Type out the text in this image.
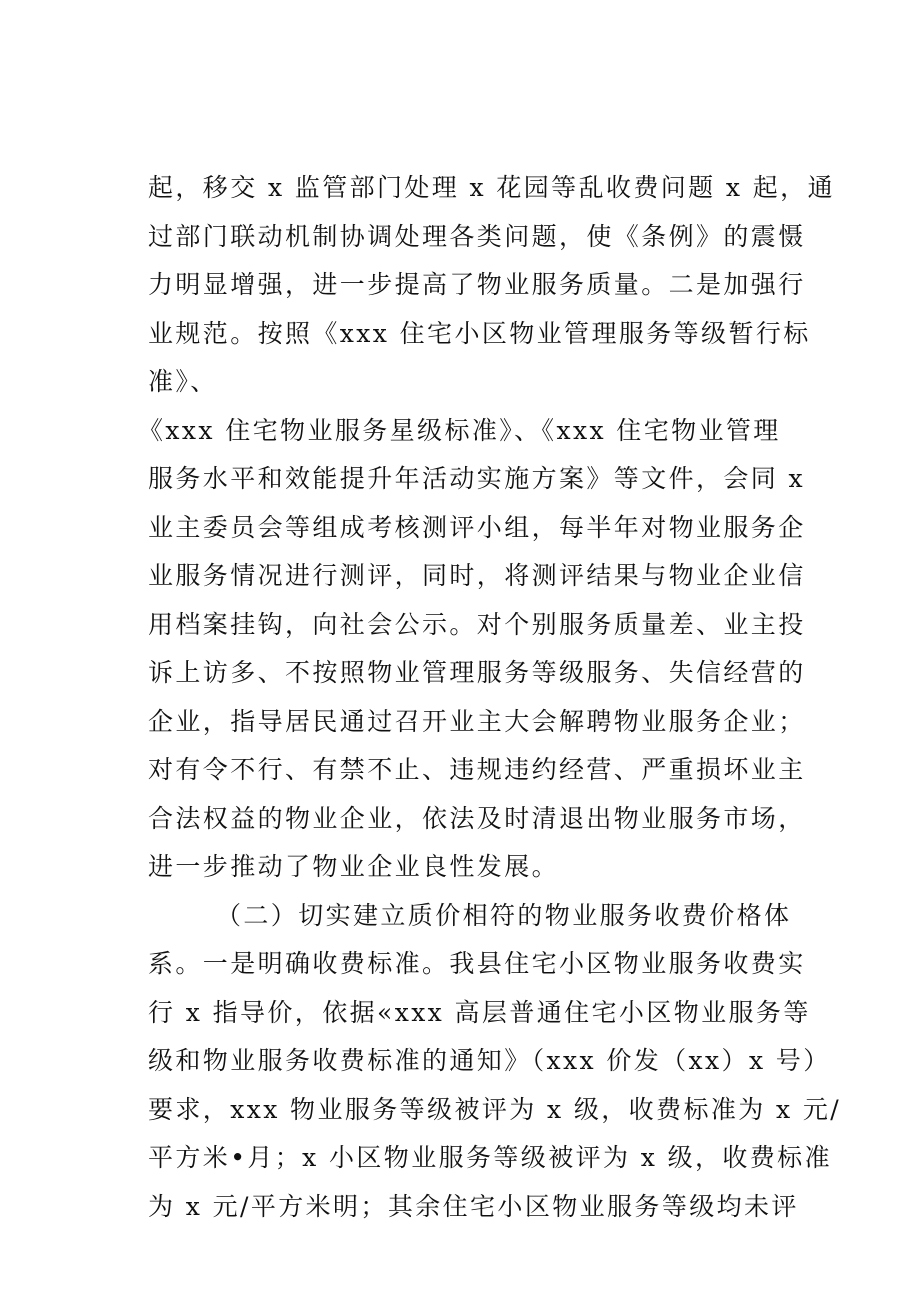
起，移交 x 监管部门处理 x 花园等乱收费问题 x 起，通
过部门联动机制协调处理各类问题，使《条例》的震慑
力明显增强，进一步提高了物业服务质量。二是加强行
业规范。按照《xxx 住宅小区物业管理服务等级暂行标
准》、
《xxx 住宅物业服务星级标准》、《xxx 住宅物业管理
服务水平和效能提升年活动实施方案》等文件，会同 x
业主委员会等组成考核测评小组，每半年对物业服务企
业服务情况进行测评，同时，将测评结果与物业企业信
用档案挂钩，向社会公示。对个别服务质量差、业主投
诉上访多、不按照物业管理服务等级服务、失信经营的
企业，指导居民通过召开业主大会解聘物业服务企业；
对有令不行、有禁不止、违规违约经营、严重损坏业主
合法权益的物业企业，依法及时清退出物业服务市场，
进一步推动了物业企业良性发展。
（二）切实建立质价相符的物业服务收费价格体
系。一是明确收费标准。我县住宅小区物业服务收费实
行 x 指导价，依据«xxx 高层普通住宅小区物业服务等
级和物业服务收费标准的通知》（xxx 价发（xx）x 号）
要求，xxx 物业服务等级被评为 x 级，收费标准为 x 元/
平方米•月；x 小区物业服务等级被评为 x 级，收费标准
为 x 元/平方米明；其余住宅小区物业服务等级均未评
